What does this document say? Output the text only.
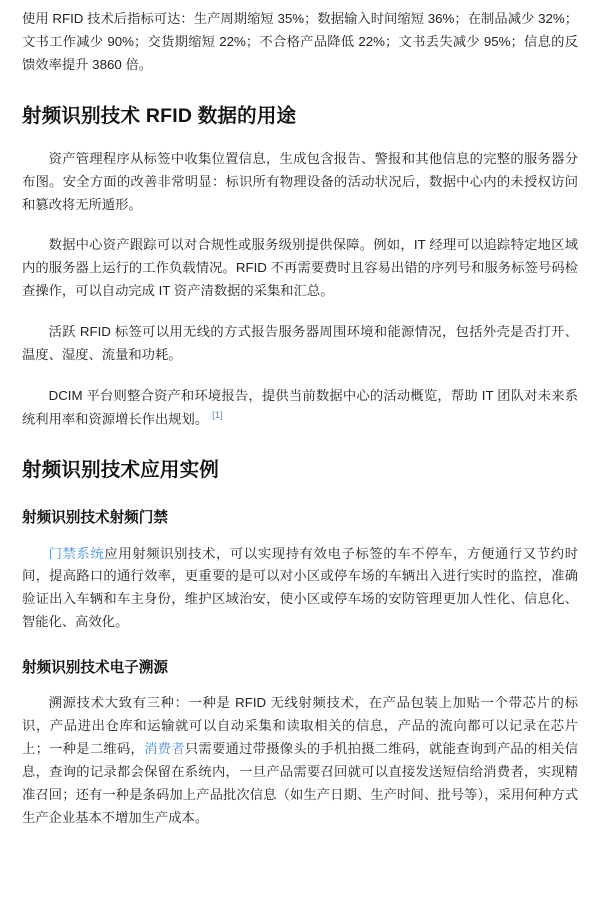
使用 RFID 技术后指标可达：生产周期缩短 35%；数据输入时间缩短 36%；在制品减少 32%；文书工作减少 90%；交货期缩短 22%；不合格产品降低 22%；文书丢失减少 95%；信息的反馈效率提升 3860 倍。

射频识别技术 RFID 数据的用途

资产管理程序从标签中收集位置信息，生成包含报告、警报和其他信息的完整的服务器分布图。安全方面的改善非常明显：标识所有物理设备的活动状况后，数据中心内的未授权访问和篡改将无所遁形。

数据中心资产跟踪可以对合规性或服务级别提供保障。例如，IT 经理可以追踪特定地区域内的服务器上运行的工作负载情况。RFID 不再需要费时且容易出错的序列号和服务标签号码检查操作，可以自动完成 IT 资产清数据的采集和汇总。

活跃 RFID 标签可以用无线的方式报告服务器周围环境和能源情况，包括外壳是否打开、温度、湿度、流量和功耗。

DCIM 平台则整合资产和环境报告，提供当前数据中心的活动概览，帮助 IT 团队对未来系统利用率和资源增长作出规划。 [1]

射频识别技术应用实例
射频识别技术射频门禁

门禁系统应用射频识别技术，可以实现持有效电子标签的车不停车，方便通行又节约时间，提高路口的通行效率，更重要的是可以对小区或停车场的车辆出入进行实时的监控，准确验证出入车辆和车主身份，维护区域治安，使小区或停车场的安防管理更加人性化、信息化、智能化、高效化。

射频识别技术电子溯源

溯源技术大致有三种：一种是 RFID 无线射频技术，在产品包装上加贴一个带芯片的标识，产品进出仓库和运输就可以自动采集和读取相关的信息，产品的流向都可以记录在芯片上；一种是二维码，消费者只需要通过带摄像头的手机拍摄二维码，就能查询到产品的相关信息，查询的记录都会保留在系统内，一旦产品需要召回就可以直接发送短信给消费者，实现精准召回；还有一种是条码加上产品批次信息（如生产日期、生产时间、批号等），采用何种方式生产企业基本不增加生产成本。
